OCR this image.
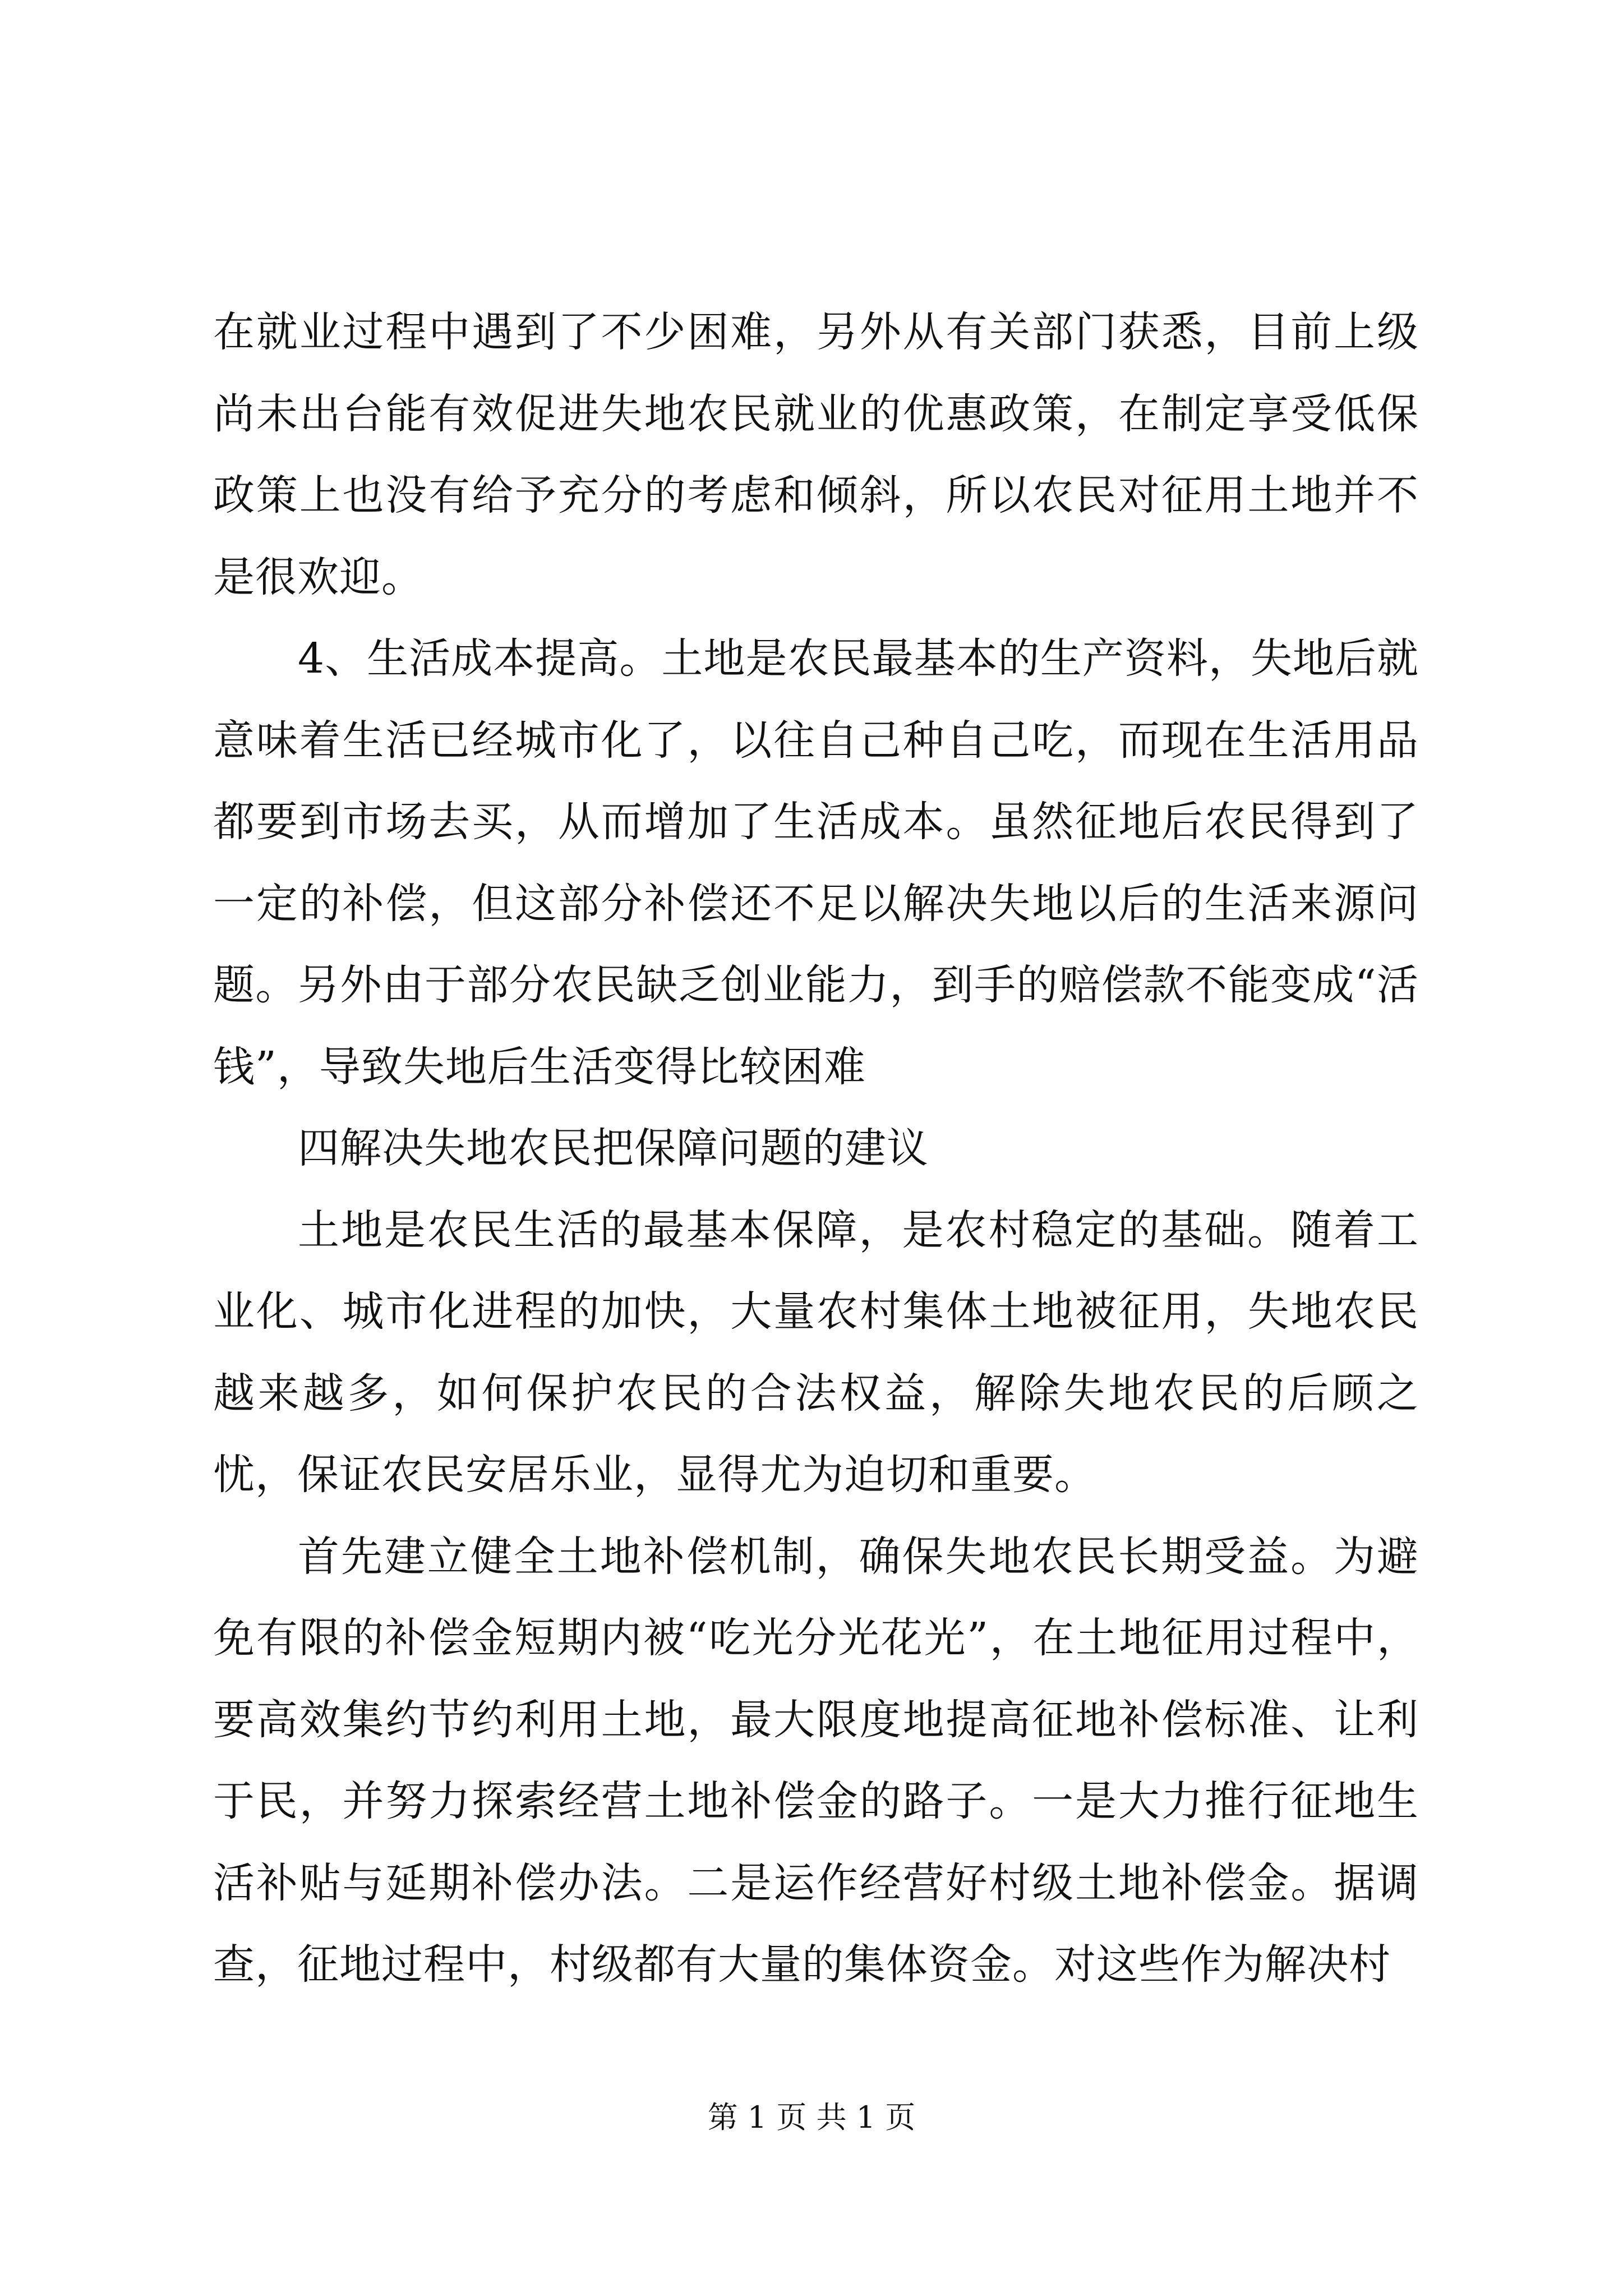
在就业过程中遇到了不少困难，另外从有关部门获悉，目前上级尚未出台能有效促进失地农民就业的优惠政策，在制定享受低保政策上也没有给予充分的考虑和倾斜，所以农民对征用土地并不是很欢迎。

4、生活成本提高。土地是农民最基本的生产资料，失地后就意味着生活已经城市化了，以往自己种自己吃，而现在生活用品都要到市场去买，从而增加了生活成本。虽然征地后农民得到了一定的补偿，但这部分补偿还不足以解决失地以后的生活来源问题。另外由于部分农民缺乏创业能力，到手的赔偿款不能变成“活钱”，导致失地后生活变得比较困难

四解决失地农民把保障问题的建议

土地是农民生活的最基本保障，是农村稳定的基础。随着工业化、城市化进程的加快，大量农村集体土地被征用，失地农民越来越多，如何保护农民的合法权益，解除失地农民的后顾之忧，保证农民安居乐业，显得尤为迫切和重要。

首先建立健全土地补偿机制，确保失地农民长期受益。为避免有限的补偿金短期内被“吃光分光花光”，在土地征用过程中，要高效集约节约利用土地，最大限度地提高征地补偿标准、让利于民，并努力探索经营土地补偿金的路子。一是大力推行征地生活补贴与延期补偿办法。二是运作经营好村级土地补偿金。据调查，征地过程中，村级都有大量的集体资金。对这些作为解决村

第 1 页 共 1 页
